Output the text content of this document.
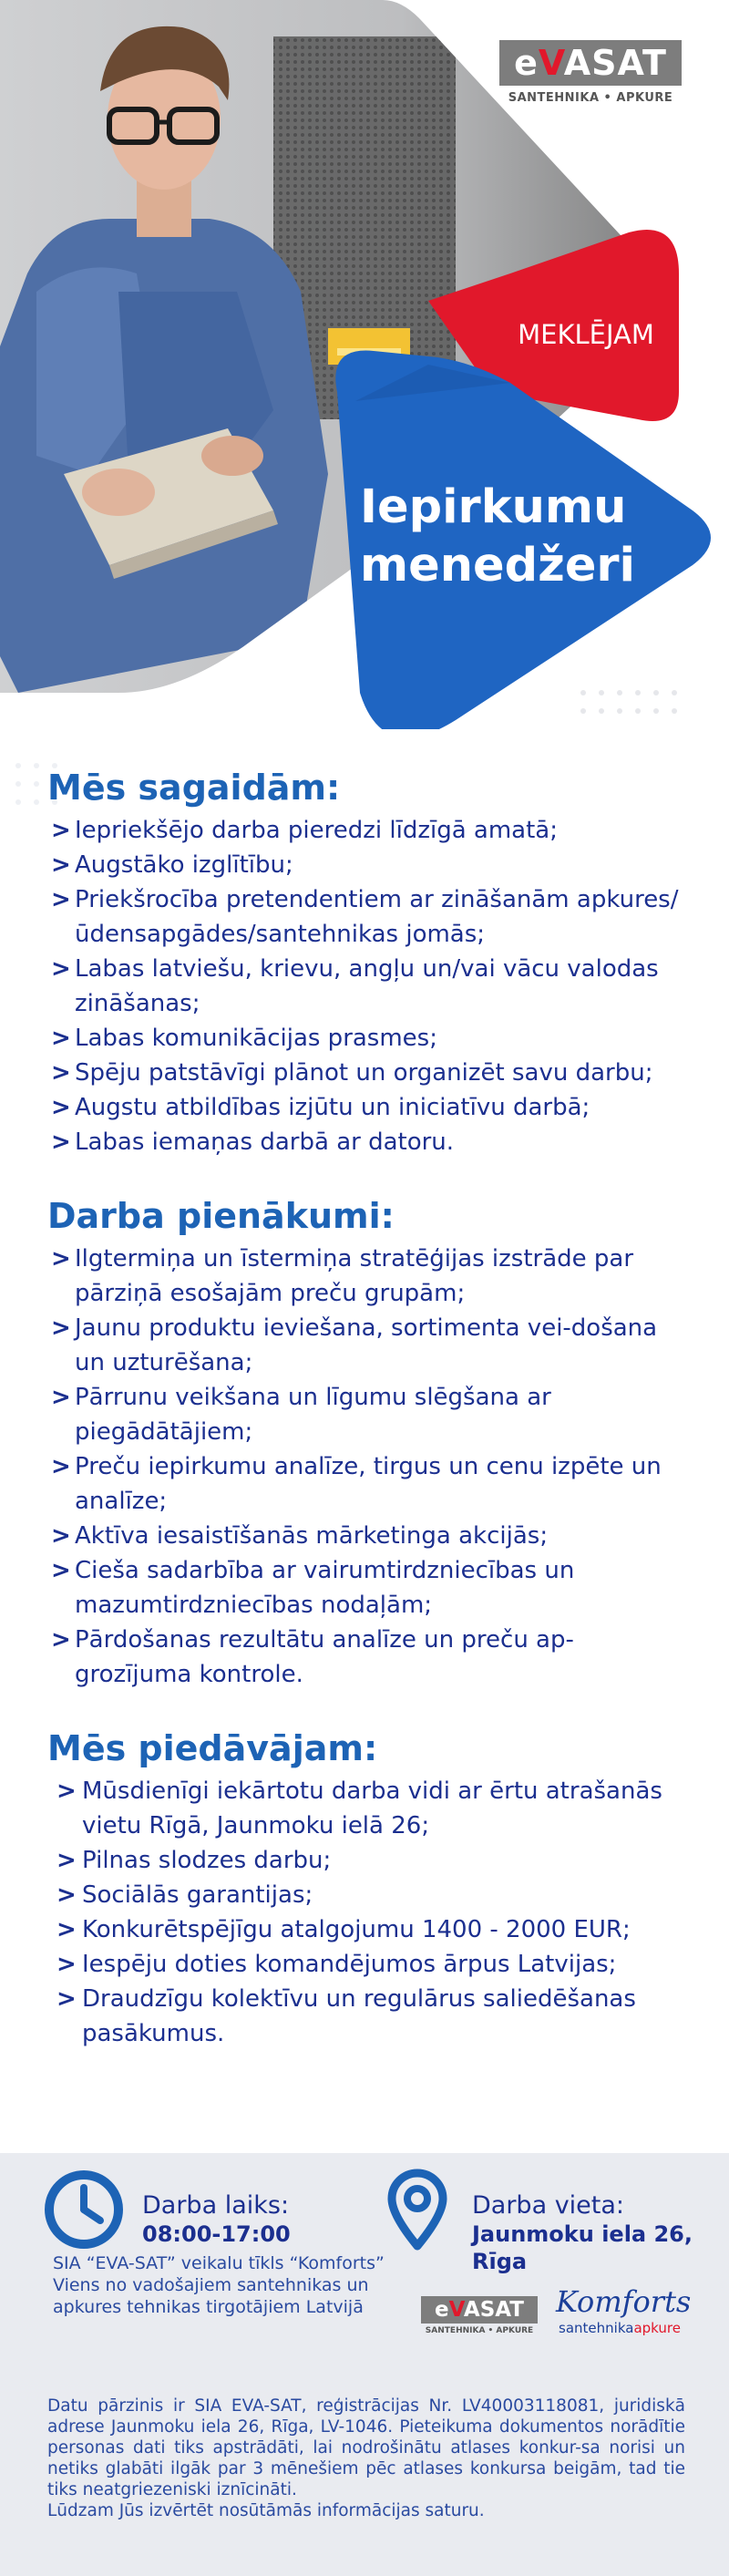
eVASAT
SANTEHNIKA • APKURE
MEKLĒJAM
Iepirkumu
menedžeri
Mēs sagaidām:
> Iepriekšējo darba pieredzi līdzīgā amatā;
> Augstāko izglītību;
> Priekšrocība pretendentiem ar zināšanām apkures/ūdensapgādes/santehnikas jomās;
> Labas latviešu, krievu, angļu un/vai vācu valodas zināšanas;
> Labas komunikācijas prasmes;
> Spēju patstāvīgi plānot un organizēt savu darbu;
> Augstu atbildības izjūtu un iniciatīvu darbā;
> Labas iemaņas darbā ar datoru.
Darba pienākumi:
> Ilgtermiņa un īstermiņa stratēģijas izstrāde par pārziņā esošajām preču grupām;
> Jaunu produktu ieviešana, sortimenta vei-došana un uzturēšana;
> Pārrunu veikšana un līgumu slēgšana ar piegādātājiem;
> Preču iepirkumu analīze, tirgus un cenu izpēte un analīze;
> Aktīva iesaistīšanās mārketinga akcijās;
> Cieša sadarbība ar vairumtirdzniecības un mazumtirdzniecības nodaļām;
> Pārdošanas rezultātu analīze un preču ap-grozījuma kontrole.
Mēs piedāvājam:
> Mūsdienīgi iekārtotu darba vidi ar ērtu atrašanās vietu Rīgā, Jaunmoku ielā 26;
> Pilnas slodzes darbu;
> Sociālās garantijas;
> Konkurētspējīgu atalgojumu 1400 - 2000 EUR;
> Iespēju doties komandējumos ārpus Latvijas;
> Draudzīgu kolektīvu un regulārus saliedēšanas pasākumus.
Darba laiks:
08:00-17:00
Darba vieta:
Jaunmoku iela 26,
Rīga
SIA “EVA-SAT” veikalu tīkls “Komforts” Viens no vadošajiem santehnikas un apkures tehnikas tirgotājiem Latvijā	eVASAT
SANTEHNIKA • APKURE
Komforts
santehnikaapkure
Datu pārzinis ir SIA EVA-SAT, reģistrācijas Nr. LV40003118081, juridiskā adrese Jaunmoku iela 26, Rīga, LV-1046. Pieteikuma dokumentos norādītie personas dati tiks apstrādāti, lai nodrošinātu atlases konkur-sa norisi un netiks glabāti ilgāk par 3 mēnešiem pēc atlases konkursa beigām, tad tie tiks neatgriezeniski iznīcināti.
Lūdzam Jūs izvērtēt nosūtāmās informācijas saturu.
